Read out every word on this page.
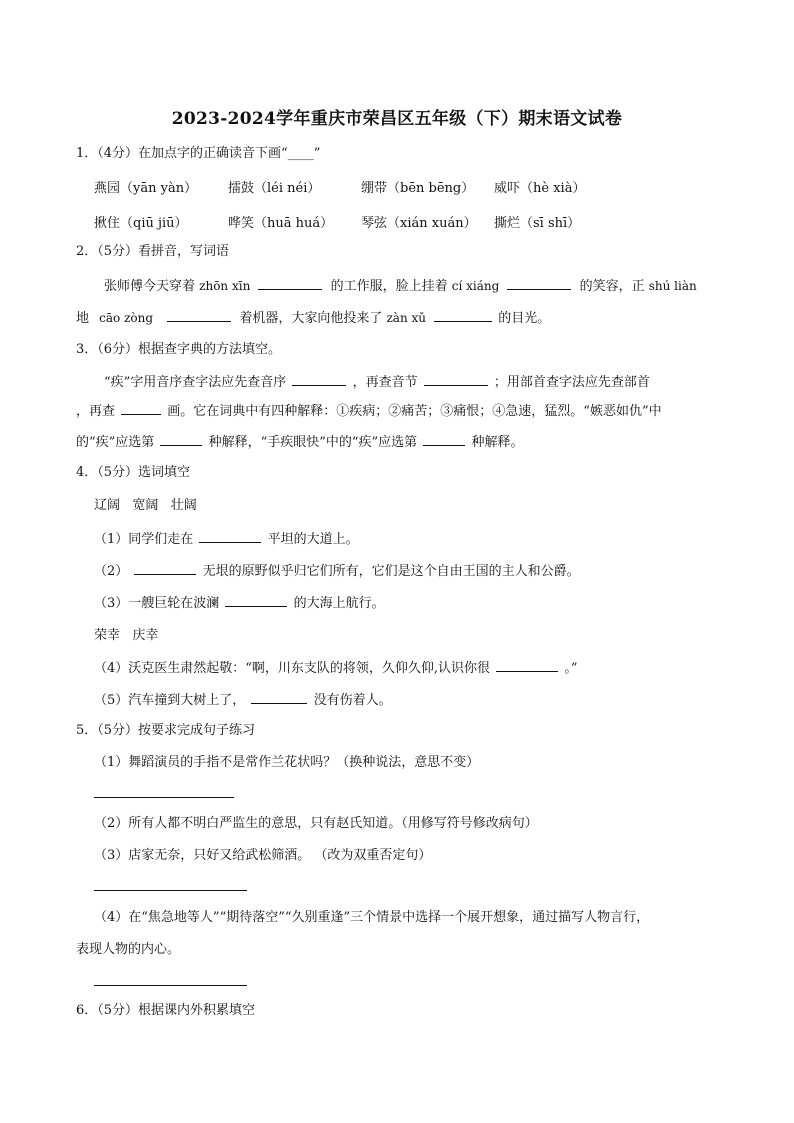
2023-2024学年重庆市荣昌区五年级（下）期末语文试卷
1．（4分）在加点字的正确读音下画“____”
燕园（yān yàn） 擂鼓（léi néi）	绷带（bēn bēng） 威吓（hè xià）
揪住（qiū jiū）	哗笑（huā huá） 琴弦（xián xuán） 撕烂（sī shī）
2．（5分）看拼音，写词语
张师傅今天穿着 zhōn xīn	的工作服，脸上挂着 cí xiáng	的笑容，正 shú liàn
地 cāo zòng	着机器，大家向他投来了 zàn xǔ	的目光。
3．（6分）根据查字典的方法填空。
“疾”字用音序查字法应先查音序	，再查音节	；用部首查字法应先查部首
，再查	画。它在词典中有四种解释：①疾病；②痛苦；③痛恨；④急速，猛烈。“嫉恶如仇”中
的“疾”应选第	种解释，“手疾眼快”中的“疾”应选第	种解释。
4．（5分）选词填空
辽阔   宽阔   壮阔
（1）同学们走在	平坦的大道上。
（2）	无垠的原野似乎归它们所有，它们是这个自由王国的主人和公爵。
（3）一艘巨轮在波澜	的大海上航行。
荣幸   庆幸
（4）沃克医生肃然起敬：“啊，川东支队的将领，久仰久仰,认识你很	。”
（5）汽车撞到大树上了，	没有伤着人。
5．（5分）按要求完成句子练习
（1）舞蹈演员的手指不是常作兰花状吗？（换种说法，意思不变）
（2）所有人都不明白严监生的意思，只有赵氏知道。（用修写符号修改病句）
（3）店家无奈，只好又给武松筛酒。 （改为双重否定句）
（4）在“焦急地等人”“期待落空”“久别重逢”三个情景中选择一个展开想象，通过描写人物言行，
表现人物的内心。
6．（5分）根据课内外积累填空
